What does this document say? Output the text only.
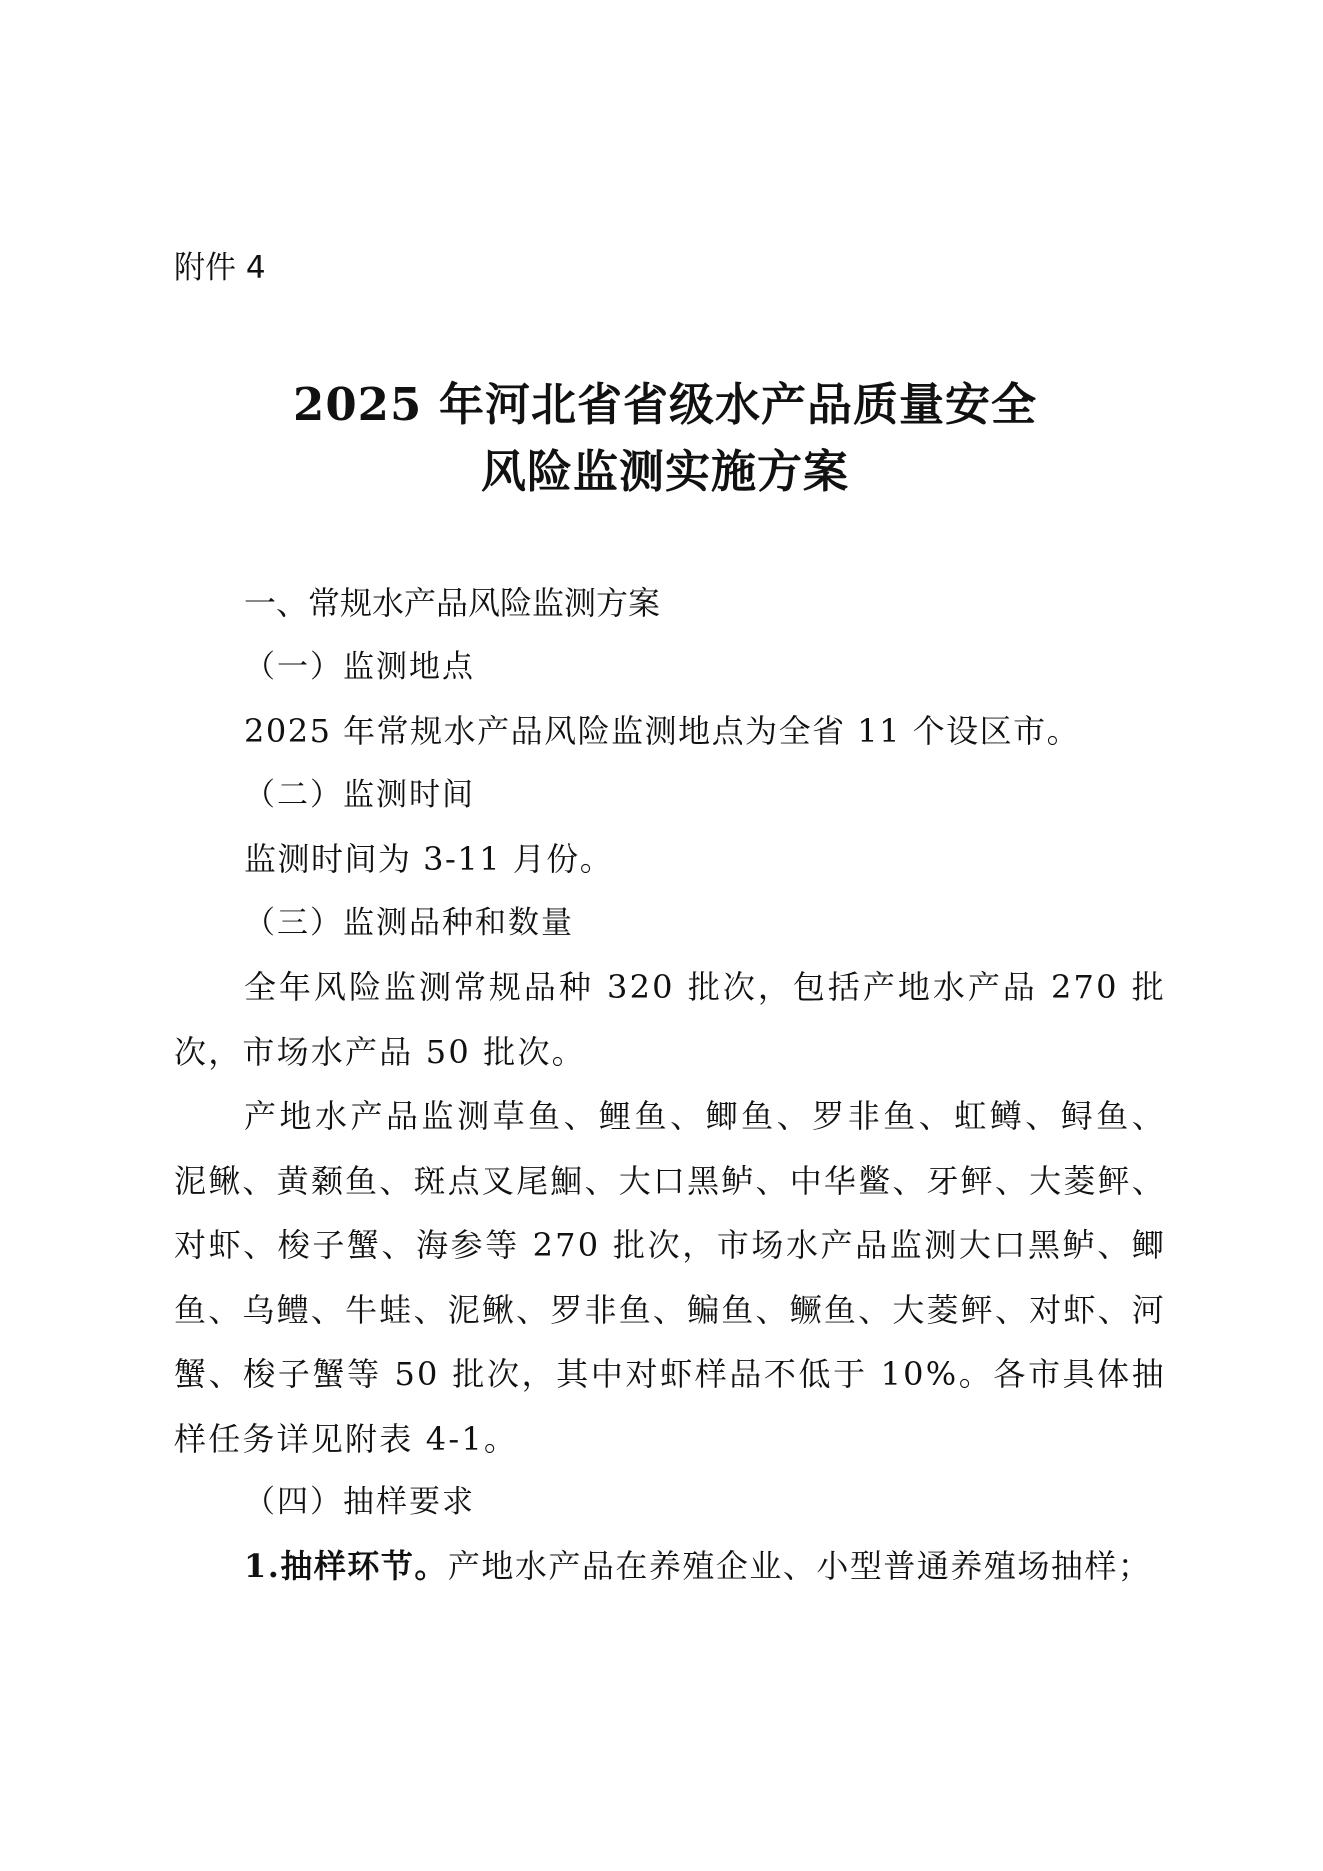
附件 4
2025 年河北省省级水产品质量安全
风险监测实施方案
一、常规水产品风险监测方案
（一）监测地点
2025 年常规水产品风险监测地点为全省 11 个设区市。
（二）监测时间
监测时间为 3-11 月份。
（三）监测品种和数量

全年风险监测常规品种 320 批次，包括产地水产品 270 批次，市场水产品 50 批次。

产地水产品监测草鱼、鲤鱼、鲫鱼、罗非鱼、虹鳟、鲟鱼、泥鳅、黄颡鱼、斑点叉尾鮰、大口黑鲈、中华鳖、牙鲆、大菱鲆、对虾、梭子蟹、海参等 270 批次，市场水产品监测大口黑鲈、鲫鱼、乌鳢、牛蛙、泥鳅、罗非鱼、鳊鱼、鳜鱼、大菱鲆、对虾、河蟹、梭子蟹等 50 批次，其中对虾样品不低于 10%。各市具体抽样任务详见附表 4-1。

（四）抽样要求
1.抽样环节。产地水产品在养殖企业、小型普通养殖场抽样；
